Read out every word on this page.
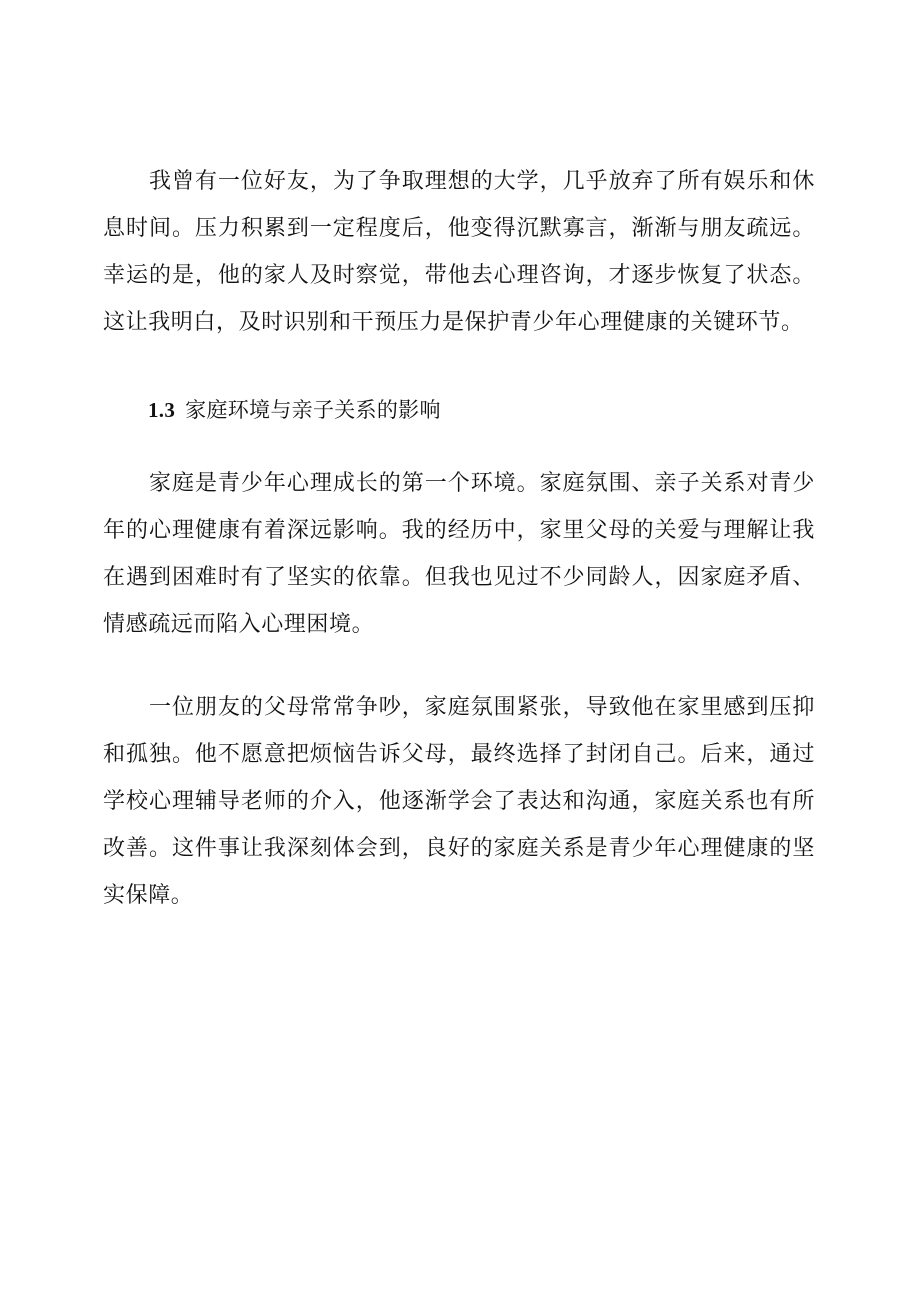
我曾有一位好友，为了争取理想的大学，几乎放弃了所有娱乐和休息时间。压力积累到一定程度后，他变得沉默寡言，渐渐与朋友疏远。幸运的是，他的家人及时察觉，带他去心理咨询，才逐步恢复了状态。这让我明白，及时识别和干预压力是保护青少年心理健康的关键环节。

1.3 家庭环境与亲子关系的影响

家庭是青少年心理成长的第一个环境。家庭氛围、亲子关系对青少年的心理健康有着深远影响。我的经历中，家里父母的关爱与理解让我在遇到困难时有了坚实的依靠。但我也见过不少同龄人，因家庭矛盾、情感疏远而陷入心理困境。

一位朋友的父母常常争吵，家庭氛围紧张，导致他在家里感到压抑和孤独。他不愿意把烦恼告诉父母，最终选择了封闭自己。后来，通过学校心理辅导老师的介入，他逐渐学会了表达和沟通，家庭关系也有所改善。这件事让我深刻体会到，良好的家庭关系是青少年心理健康的坚实保障。
